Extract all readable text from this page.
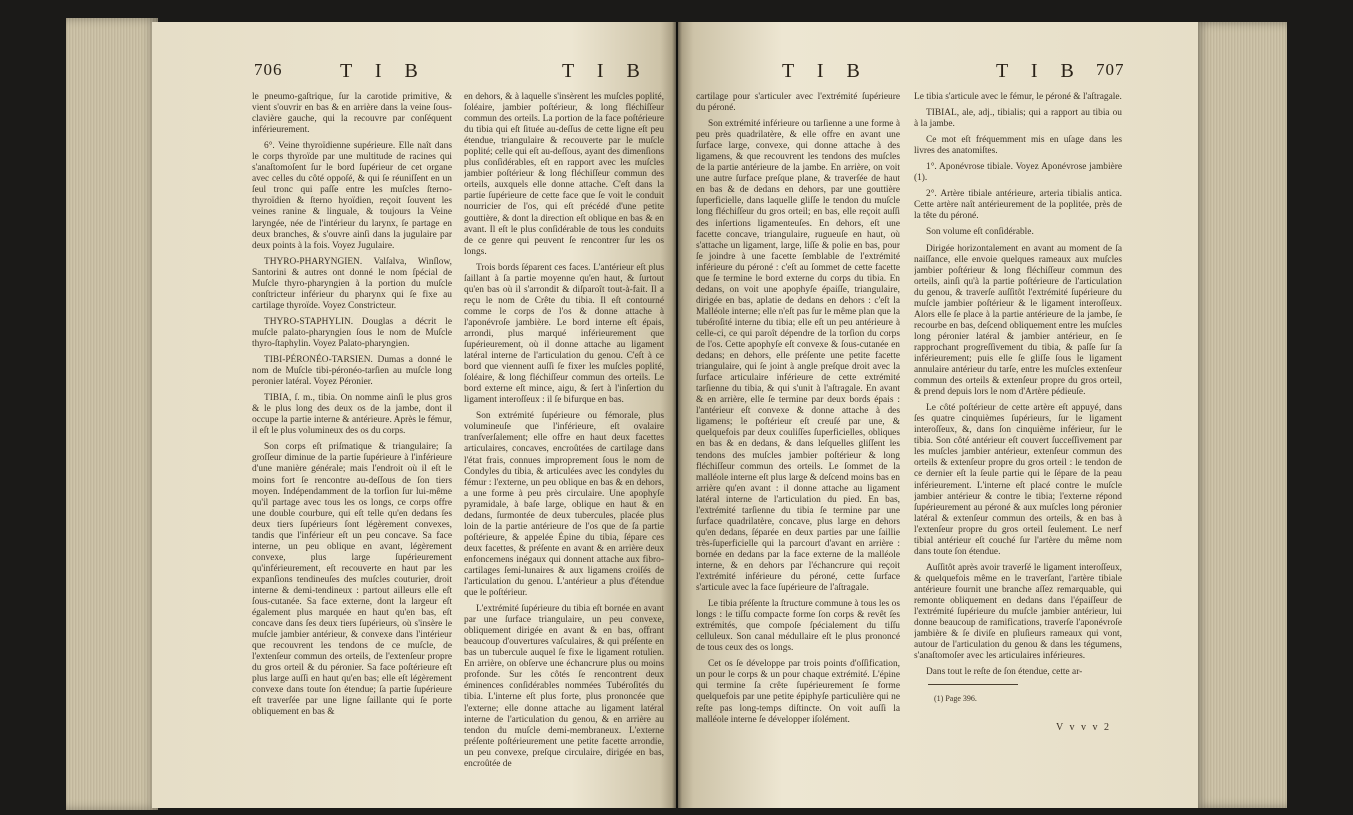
706	T I B	T I B

le pneumo-gaſtrique, ſur la carotide primitive, & vient s'ouvrir en bas & en arrière dans la veine ſous-clavière gauche, qui la recouvre par conſéquent inférieurement.

6°. Veine thyroïdienne supérieure. Elle naît dans le corps thyroïde par une multitude de racines qui s'anaſtomoſent ſur le bord ſupérieur de cet organe avec celles du côté oppoſé, & qui ſe réuniſſent en un ſeul tronc qui paſſe entre les muſcles ſterno-thyroïdien & ſterno hyoïdien, reçoit ſouvent les veines ranine & linguale, & toujours la Veine laryngée, née de l'intérieur du larynx, ſe partage en deux branches, & s'ouvre ainſi dans la jugulaire par deux points à la fois. Voyez Jugulaire.

THYRO-PHARYNGIEN. Valſalva, Winſlow, Santorini & autres ont donné le nom ſpécial de Muſcle thyro-pharyngien à la portion du muſcle conſtricteur inférieur du pharynx qui ſe fixe au cartilage thyroïde. Voyez Constricteur.

THYRO-STAPHYLIN. Douglas a décrit le muſcle palato-pharyngien ſous le nom de Muſcle thyro-ſtaphylin. Voyez Palato-pharyngien.

TIBI-PÉRONÉO-TARSIEN. Dumas a donné le nom de Muſcle tibi-péronéo-tarſien au muſcle long peronier latéral. Voyez Péronier.

TIBIA, ſ. m., tibia. On nomme ainſi le plus gros & le plus long des deux os de la jambe, dont il occupe la partie interne & antérieure. Après le fémur, il eſt le plus volumineux des os du corps.

Son corps eſt priſmatique & triangulaire; ſa groſſeur diminue de la partie ſupérieure à l'inférieure d'une manière générale; mais l'endroit où il eſt le moins fort ſe rencontre au-deſſous de ſon tiers moyen. Indépendamment de la torſion ſur lui-même qu'il partage avec tous les os longs, ce corps offre une double courbure, qui eſt telle qu'en dedans ſes deux tiers ſupérieurs ſont légèrement convexes, tandis que l'inférieur eſt un peu concave. Sa face interne, un peu oblique en avant, légèrement convexe, plus large ſupérieurement qu'inférieurement, eſt recouverte en haut par les expanſions tendineuſes des muſcles couturier, droit interne & demi-tendineux : partout ailleurs elle eſt ſous-cutanée. Sa face externe, dont la largeur eſt également plus marquée en haut qu'en bas, eſt concave dans ſes deux tiers ſupérieurs, où s'insère le muſcle jambier antérieur, & convexe dans l'intérieur que recouvrent les tendons de ce muſcle, de l'extenſeur commun des orteils, de l'extenſeur propre du gros orteil & du péronier. Sa face poſtérieure eſt plus large auſſi en haut qu'en bas; elle eſt légèrement convexe dans toute ſon étendue; ſa partie ſupérieure eſt traverſée par une ligne ſaillante qui ſe porte obliquement en bas &

en dehors, & à laquelle s'insèrent les muſcles poplité, ſoléaire, jambier poſtérieur, & long fléchiſſeur commun des orteils. La portion de la face poſtérieure du tibia qui eſt ſituée au-deſſus de cette ligne eſt peu étendue, triangulaire & recouverte par le muſcle poplité; celle qui eſt au-deſſous, ayant des dimenſions plus conſidérables, eſt en rapport avec les muſcles jambier poſtérieur & long fléchiſſeur commun des orteils, auxquels elle donne attache. C'eſt dans la partie ſupérieure de cette face que ſe voit le conduit nourricier de l'os, qui eſt précédé d'une petite gouttière, & dont la direction eſt oblique en bas & en avant. Il eſt le plus conſidérable de tous les conduits de ce genre qui peuvent ſe rencontrer ſur les os longs.

Trois bords ſéparent ces faces. L'antérieur eſt plus ſaillant à ſa partie moyenne qu'en haut, & ſurtout qu'en bas où il s'arrondit & diſparoît tout-à-fait. Il a reçu le nom de Crête du tibia. Il eſt contourné comme le corps de l'os & donne attache à l'aponévroſe jambière. Le bord interne eſt épais, arrondi, plus marqué inférieurement que ſupérieurement, où il donne attache au ligament latéral interne de l'articulation du genou. C'eſt à ce bord que viennent auſſi ſe fixer les muſcles poplité, ſoléaire, & long fléchiſſeur commun des orteils. Le bord externe eſt mince, aigu, & ſert à l'inſertion du ligament interoſſeux : il ſe bifurque en bas.

Son extrémité ſupérieure ou fémorale, plus volumineuſe que l'inférieure, eſt ovalaire tranſverſalement; elle offre en haut deux facettes articulaires, concaves, encroûtées de cartilage dans l'état frais, connues improprement ſous le nom de Condyles du tibia, & articulées avec les condyles du fémur : l'externe, un peu oblique en bas & en dehors, a une forme à peu près circulaire. Une apophyſe pyramidale, à baſe large, oblique en haut & en dedans, ſurmontée de deux tubercules, placée plus loin de la partie antérieure de l'os que de ſa partie poſtérieure, & appelée Épine du tibia, ſépare ces deux facettes, & préſente en avant & en arrière deux enfoncemens inégaux qui donnent attache aux fibro-cartilages ſemi-lunaires & aux ligamens croiſés de l'articulation du genou. L'antérieur a plus d'étendue que le poſtérieur.

L'extrémité ſupérieure du tibia eſt bornée en avant par une ſurface triangulaire, un peu convexe, obliquement dirigée en avant & en bas, offrant beaucoup d'ouvertures vaſculaires, & qui préſente en bas un tubercule auquel ſe fixe le ligament rotulien. En arrière, on obſerve une échancrure plus ou moins profonde. Sur les côtés ſe rencontrent deux éminences conſidérables nommées Tubéroſités du tibia. L'interne eſt plus forte, plus prononcée que l'externe; elle donne attache au ligament latéral interne de l'articulation du genou, & en arrière au tendon du muſcle demi-membraneux. L'externe préſente poſtérieurement une petite facette arrondie, un peu convexe, preſque circulaire, dirigée en bas, encroûtée de

T I B	T I B 707

cartilage pour s'articuler avec l'extrémité ſupérieure du péroné.

Son extrémité inférieure ou tarſienne a une forme à peu près quadrilatère, & elle offre en avant une ſurface large, convexe, qui donne attache à des ligamens, & que recouvrent les tendons des muſcles de la partie antérieure de la jambe. En arrière, on voit une autre ſurface preſque plane, & traverſée de haut en bas & de dedans en dehors, par une gouttière ſuperficielle, dans laquelle gliſſe le tendon du muſcle long fléchiſſeur du gros orteil; en bas, elle reçoit auſſi des inſertions ligamenteuſes. En dehors, eſt une facette concave, triangulaire, rugueuſe en haut, où s'attache un ligament, large, liſſe & polie en bas, pour ſe joindre à une facette ſemblable de l'extrémité inférieure du péroné : c'eſt au ſommet de cette facette que ſe termine le bord externe du corps du tibia. En dedans, on voit une apophyſe épaiſſe, triangulaire, dirigée en bas, aplatie de dedans en dehors : c'eſt la Malléole interne; elle n'eſt pas ſur le même plan que la tubéroſité interne du tibia; elle eſt un peu antérieure à celle-ci, ce qui paroît dépendre de la torſion du corps de l'os. Cette apophyſe eſt convexe & ſous-cutanée en dedans; en dehors, elle préſente une petite facette triangulaire, qui ſe joint à angle preſque droit avec la ſurface articulaire inférieure de cette extrémité tarſienne du tibia, & qui s'unit à l'aſtragale. En avant & en arrière, elle ſe termine par deux bords épais : l'antérieur eſt convexe & donne attache à des ligamens; le poſtérieur eſt creuſé par une, & quelquefois par deux couliſſes ſuperficielles, obliques en bas & en dedans, & dans leſquelles gliſſent les tendons des muſcles jambier poſtérieur & long fléchiſſeur commun des orteils. Le ſommet de la malléole interne eſt plus large & deſcend moins bas en arrière qu'en avant : il donne attache au ligament latéral interne de l'articulation du pied. En bas, l'extrémité tarſienne du tibia ſe termine par une ſurface quadrilatère, concave, plus large en dehors qu'en dedans, ſéparée en deux parties par une ſaillie très-ſuperficielle qui la parcourt d'avant en arrière : bornée en dedans par la face externe de la malléole interne, & en dehors par l'échancrure qui reçoit l'extrémité inférieure du péroné, cette ſurface s'articule avec la face ſupérieure de l'aſtragale.

Le tibia préſente la ſtructure commune à tous les os longs : le tiſſu compacte forme ſon corps & revêt ſes extrémités, que compoſe ſpécialement du tiſſu celluleux. Son canal médullaire eſt le plus prononcé de tous ceux des os longs.

Cet os ſe développe par trois points d'oſſification, un pour le corps & un pour chaque extrémité. L'épine qui termine ſa crête ſupérieurement ſe forme quelquefois par une petite épiphyſe particulière qui ne reſte pas long-temps diſtincte. On voit auſſi la malléole interne ſe développer iſolément.

Le tibia s'articule avec le fémur, le péroné & l'aſtragale.

TIBIAL, ale, adj., tibialis; qui a rapport au tibia ou à la jambe.

Ce mot eſt fréquemment mis en uſage dans les livres des anatomiſtes.

1°. Aponévrose tibiale. Voyez Aponévrose jambière (1).

2°. Artère tibiale antérieure, arteria tibialis antica. Cette artère naît antérieurement de la poplitée, près de la tête du péroné.

Son volume eſt conſidérable.

Dirigée horizontalement en avant au moment de ſa naiſſance, elle envoie quelques rameaux aux muſcles jambier poſtérieur & long fléchiſſeur commun des orteils, ainſi qu'à la partie poſtérieure de l'articulation du genou, & traverſe auſſitôt l'extrémité ſupérieure du muſcle jambier poſtérieur & le ligament interoſſeux. Alors elle ſe place à la partie antérieure de la jambe, ſe recourbe en bas, deſcend obliquement entre les muſcles long péronier latéral & jambier antérieur, en ſe rapprochant progreſſivement du tibia, & paſſe ſur ſa inférieurement; puis elle ſe gliſſe ſous le ligament annulaire antérieur du tarſe, entre les muſcles extenſeur commun des orteils & extenſeur propre du gros orteil, & prend depuis lors le nom d'Artère pédieuſe.

Le côté poſtérieur de cette artère eſt appuyé, dans ſes quatre cinquièmes ſupérieurs, ſur le ligament interoſſeux, &, dans ſon cinquième inférieur, ſur le tibia. Son côté antérieur eſt couvert ſucceſſivement par les muſcles jambier antérieur, extenſeur commun des orteils & extenſeur propre du gros orteil : le tendon de ce dernier eſt la ſeule partie qui le ſépare de la peau inférieurement. L'interne eſt placé contre le muſcle jambier antérieur & contre le tibia; l'externe répond ſupérieurement au péroné & aux muſcles long péronier latéral & extenſeur commun des orteils, & en bas à l'extenſeur propre du gros orteil ſeulement. Le nerf tibial antérieur eſt couché ſur l'artère du même nom dans toute ſon étendue.

Auſſitôt après avoir traverſé le ligament interoſſeux, & quelquefois même en le traverſant, l'artère tibiale antérieure fournit une branche aſſez remarquable, qui remonte obliquement en dedans dans l'épaiſſeur de l'extrémité ſupérieure du muſcle jambier antérieur, lui donne beaucoup de ramifications, traverſe l'aponévroſe jambière & ſe diviſe en pluſieurs rameaux qui vont, autour de l'articulation du genou & dans les tégumens, s'anaſtomoſer avec les articulaires inférieures.

Dans tout le reſte de ſon étendue, cette ar-

(1) Page 396.
V v v v 2
